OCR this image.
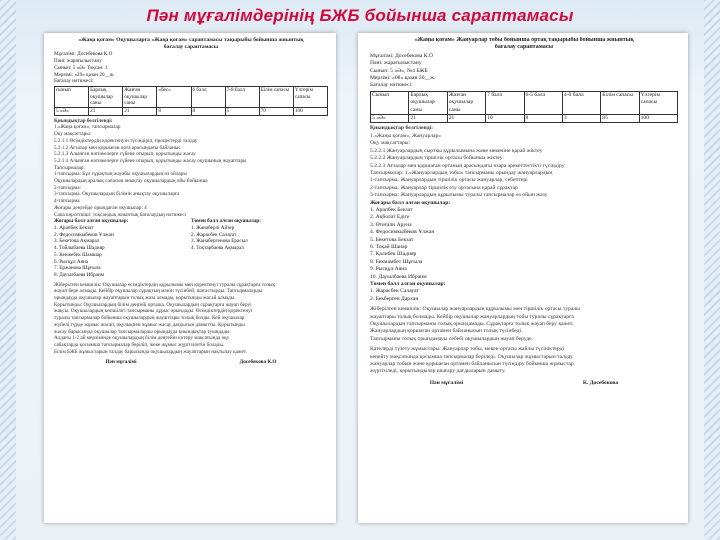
Пән мұғалімдерінің БЖБ бойынша сараптамасы
«Жаңа қоғам» Оқушыларға «Жаңа қоғам» сараптамасы тақырыбы бойынша жиынтық
бағалау сараптамасы
Мұғалімі: Досебекова К.О
Пәні: жаратылыстану
Сынып: 5 «Ә» Тоқсан: 1
Мерзімі: «29» қазан 20__ж.
Бағалау нәтижесі:
сынып	Барлық оқушылар саны	Жазған оқушылар саны	«бес»	6 балл	7-8 балл	Білім сапасы	Үлгерім сапасы
5 «Ә»	21	21	8	8	5	70	100
Қиындықтар белгіленді:
1.«Жаңа қоғам», тапсырмалар
Оқу мақсаттары:
5.2.1.1 Өсімдіктердің қоректенуін түсіндіріп, процестерді талдау
5.2.1.2 Ағзалар мен қоршаған орта арасындағы байланыс
5.2.1.3 Алынған нәтижелерге сүйене отырып, қорытынды жасау
5.2.1.4 Алынған нәтижелерге сүйене отырып, қорытынды жасау оқушының жауаптары
Тапсырмалар:
1-тапсырма: Бұл сұрақтың жауабы оқушылардың өз ойлары
Оқушылардың аралық сапасын анықтау оқушылардың ойы бойынша
2-тапсырма:
3-тапсырма. Оқушылардың білімін анықтау оқушыларға
4-тапсырма
Жоғары деңгейде орындаған оқушылар: 4
Сапа көрсеткіші: тоқсандық жиынтық бағалаудың нәтижесі
Жоғары балл алған оқушылар:
1. Арапбек Бекзат
2. Федосимкыбеков Ұлжан
3. Бекетова Ақмарал
4. Тойлыбаева Шадияр
5. Кенжебек Шамшар
6. Рысқұл Аяна
7. Ержанова Шұғыла
8. Дауылбаева Ибраим
Төмен балл алған оқушылар:
1. Жанаберлі Айзер
2. Жарасбек Салауат
3. Жанабергенова Ерасыл
4. Тоқтарбаева Ақмарал
Жіберілген кемшілік: Оқушылар өсімдіктердің құрылымы мен қоректенуі туралы сұрақтарға толық
жауап бере алмады. Кейбір оқушылар сұрақтың мәнін түсінбей, шатастырды. Тапсырмаларды
орындауда оқушылар жауаптарын толық жаза алмады, қорытынды жасай алмады.
Қорытынды: Оқушылардың білім деңгейі орташа. Оқушылардың сұрақтарға жауап беруі
жақсы. Оқушылардың көпшілігі тапсырманы дұрыс орындады. Өсімдіктердің қоректенуі
туралы тапсырмалар бойынша оқушылардың жауаптары толық болды. Кей оқушылар
жүйелі түрде жұмыс жасап, оқулықпен жұмыс жасау дағдысын дамытты. Қорытынды
жасау барысында оқушылар тапсырмаларды орындауда қиындықтар туындады.
Алдағы 1-2 ай мерзімінде оқушылардың білім деңгейін көтеру мақсатында оқу
сабақтарда қосымша тапсырмалар беріліп, жеке жұмыс жүргізілетін болады.
Білім БЖБ жұмыстарын талдау барысында оқушылардың жауаптарын нақтылау қажет.
Пән мұғалімі	Досебекова К.О
«Жаңы қоғам» Жануарлар тобы бойынша ортақ тақырыбы бойынша жиынтық
бағалау сараптамасы
Мұғалімі: Досебекова К.О
Пәні: жаратылыстану
Сынып: 5 «Ә», №4 БЖБ
Мерзімі: «08» қазан 20__ж.
Бағалау нәтижесі:
Сынып	Барлық оқушылар саны	Жазған оқушылар саны	7 балл	6-5 балл	4-0 балл	Білім сапасы	Үлгерім сапасы
5 «Ә»	21	21	10	8	3	85	100
Қиындықтар белгіленді:
1.«Жаңы қоғам», Жануарлар»
Оқу мақсаттары:
5.2.2.1 Жануарлардың сыртқы құрылымына және мекеніне қарай жіктеу
5.2.2.2 Жануарлардың тіршілік ортасы бойынша жіктеу
5.2.2.3 Ағзалар мен қоршаған ортаның арасындағы өзара әрекеттестікті түсіндіру
Тапсырмалар: 1.«Жануарлардың тобы» тапсырманы орындау жануарлардың
1-тапсырма: Жануарлардың тіршілік ортасы жануарлар, себептері
2-тапсырма: Жануарлар тіршілік ету ортасына қарай сұрақтар
3-тапсырма: Жануарлардың құрылымы туралы тапсырмалар өз ойын жазу
Жоғары балл алған оқушылар:
1. Арапбек Бекзат
2. Ақболат Едіге
3. Өтеғали Аруна
4. Федосимкыбеков Ұлжан
5. Бекетова Бекзат
6. Тоқай Шанар
7. Қалибек Шадияр
8. Бекмамбет Шұғыла
9. Рысқұл Аяна
10. Дауылбаева Ибраим
Төмен балл алған оқушылар:
1. Жарасбек Салауат
2. Бекберген Дархан
Жіберілген кемшілік: Оқушылар жануарлардың құрылымы мен тіршілік ортасы туралы
жауаптары толық болмады. Кейбір оқушылар жануарлардың тобы туралы сұрақтарға
Оқушылардың тапсырманы толық орындамады. Сұрақтарға толық жауап беру қажет.
Жануарлардың қоршаған ортамен байланысын толық түсінбеді.
Тапсырманы толық орындамауы себебі оқушылардың жауап беруде.
Қателерді түзету жұмыстары: Жануарлар тобы, мекен ортасы жайлы түсініктерді
кеңейту мақсатында қосымша тапсырмалар беріледі. Оқушылар жұмыстарын талдау
жануарлар тобын және қоршаған ортамен байланысын түсіндіру бойынша жұмыстар
жүргізіледі, қорытындылар шығару дағдыларын дамыту.
Пән мұғалімі	К. Досебекова
